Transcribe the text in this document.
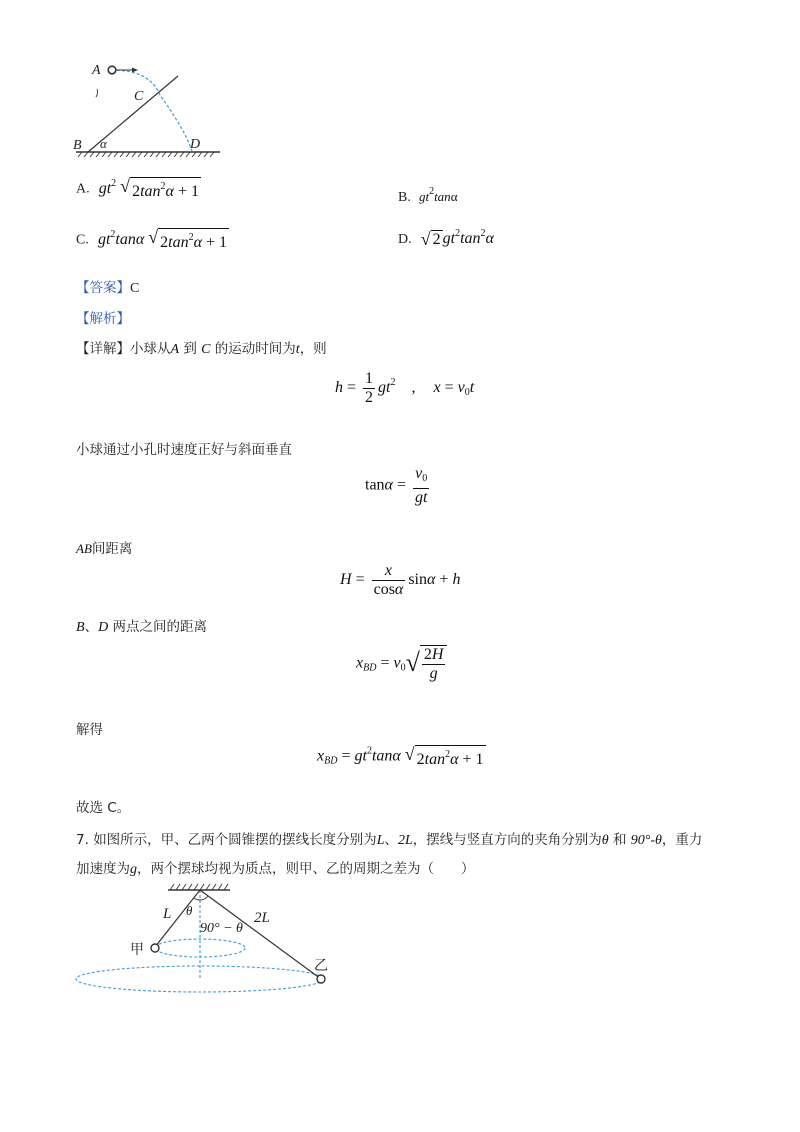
A
C
B α	D
A. $gt^2$ √ $2\tan^2\alpha + 1$	B. $gt^2\tan\alpha$
C. $gt^2\tan\alpha$ √ $2\tan^2\alpha + 1$	D. √ 2 $gt^2\tan^2\alpha$
【答案】C
【解析】
【详解】小球从A 到 C 的运动时间为t，则
$h = \frac{1}{2} gt^2$ , $x = v_0t$
小球通过小孔时速度正好与斜面垂直
$\tan\alpha = \frac{v_0}{gt}$
AB间距离
$H = \frac{x}{\cos\alpha}$ sinα + h
B、D 两点之间的距离
$x_{BD} = v_0$ √ $\frac{2H}{g}$
解得
$x_{BD} = gt^2\tan\alpha$ √ $2\tan^2\alpha + 1$
故选 C。
7. 如图所示，甲、乙两个圆锥摆的摆线长度分别为L、2L，摆线与竖直方向的夹角分别为θ 和 90°-θ，重力
加速度为g，两个摆球均视为质点，则甲、乙的周期之差为（　　）
L θ
90° − θ
2L
甲
乙
